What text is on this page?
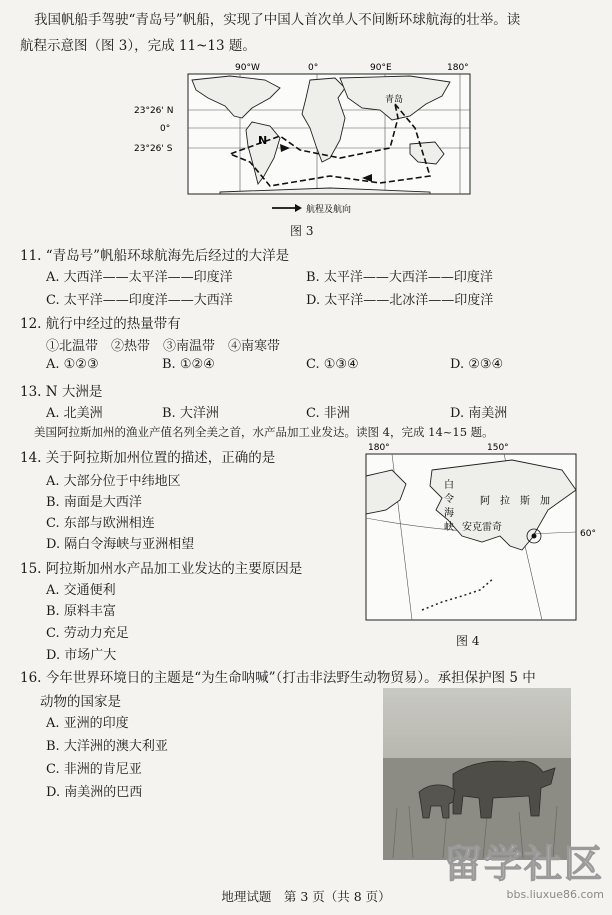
我国帆船手驾驶“青岛号”帆船，实现了中国人首次单人不间断环球航海的壮举。读
航程示意图（图 3），完成 11~13 题。
90°W	0°	90°E	180°
23°26' N
0°
23°26' S
青岛
N
航程及航向
图 3
11. “青岛号”帆船环球航海先后经过的大洋是
A. 大西洋——太平洋——印度洋	B. 太平洋——大西洋——印度洋
C. 太平洋——印度洋——大西洋	D. 太平洋——北冰洋——印度洋
12. 航行中经过的热量带有
①北温带　②热带　③南温带　④南寒带
A. ①②③	B. ①②④	C. ①③④	D. ②③④
13. N 大洲是
A. 北美洲	B. 大洋洲	C. 非洲	D. 南美洲
美国阿拉斯加州的渔业产值名列全美之首，水产品加工业发达。读图 4，完成 14~15 题。
14. 关于阿拉斯加州位置的描述，正确的是
A. 大部分位于中纬地区
B. 南面是大西洋
C. 东部与欧洲相连
D. 隔白令海峡与亚洲相望
15. 阿拉斯加州水产品加工业发达的主要原因是
A. 交通便利
B. 原料丰富
C. 劳动力充足
D. 市场广大
180°	150°
白
令
海
峡
阿　拉　斯　加
安克雷奇
60°
图 4
16. 今年世界环境日的主题是“为生命呐喊”（打击非法野生动物贸易）。承担保护图 5 中
动物的国家是
A. 亚洲的印度
B. 大洋洲的澳大利亚
C. 非洲的肯尼亚
D. 南美洲的巴西
地理试题　第 3 页（共 8 页）
留学社区
bbs.liuxue86.com
